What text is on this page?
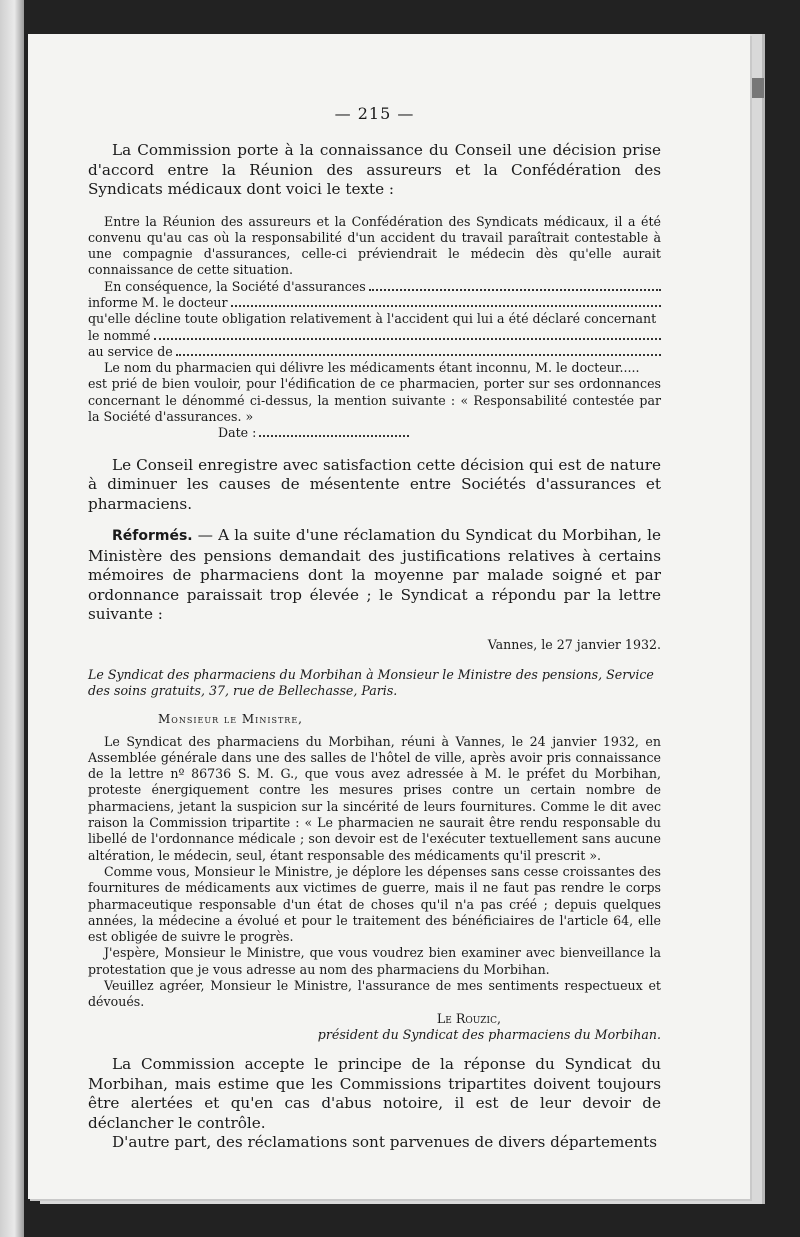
— 215 —

La Commission porte à la connaissance du Conseil une décision prise d'accord entre la Réunion des assureurs et la Confédération des Syndicats médicaux dont voici le texte :

Entre la Réunion des assureurs et la Confédération des Syndicats médicaux, il a été convenu qu'au cas où la responsabilité d'un accident du travail paraîtrait contestable à une compagnie d'assurances, celle-ci préviendrait le médecin dès qu'elle aurait connaissance de cette situation.

En conséquence, la Société d'assurances
informe M. le docteur

qu'elle décline toute obligation relativement à l'accident qui lui a été déclaré concernant

le nommé
au service de

Le nom du pharmacien qui délivre les médicaments étant inconnu, M. le docteur.....

est prié de bien vouloir, pour l'édification de ce pharmacien, porter sur ses ordonnances concernant le dénommé ci-dessus, la mention suivante : « Responsabilité contestée par la Société d'assurances. »

Date :

Le Conseil enregistre avec satisfaction cette décision qui est de nature à diminuer les causes de mésentente entre Sociétés d'assurances et pharmaciens.

Réformés. — A la suite d'une réclamation du Syndicat du Morbihan, le Ministère des pensions demandait des justifications relatives à certains mémoires de pharmaciens dont la moyenne par malade soigné et par ordonnance paraissait trop élevée ; le Syndicat a répondu par la lettre suivante :

Vannes, le 27 janvier 1932.

Le Syndicat des pharmaciens du Morbihan à Monsieur le Ministre des pensions, Service des soins gratuits, 37, rue de Bellechasse, Paris.

Monsieur le Ministre,

Le Syndicat des pharmaciens du Morbihan, réuni à Vannes, le 24 janvier 1932, en Assemblée générale dans une des salles de l'hôtel de ville, après avoir pris connaissance de la lettre nº 86736 S. M. G., que vous avez adressée à M. le préfet du Morbihan, proteste énergiquement contre les mesures prises contre un certain nombre de pharmaciens, jetant la suspicion sur la sincérité de leurs fournitures. Comme le dit avec raison la Commission tripartite : « Le pharmacien ne saurait être rendu responsable du libellé de l'ordonnance médicale ; son devoir est de l'exécuter textuellement sans aucune altération, le médecin, seul, étant responsable des médicaments qu'il prescrit ».

Comme vous, Monsieur le Ministre, je déplore les dépenses sans cesse croissantes des fournitures de médicaments aux victimes de guerre, mais il ne faut pas rendre le corps pharmaceutique responsable d'un état de choses qu'il n'a pas créé ; depuis quelques années, la médecine a évolué et pour le traitement des bénéficiaires de l'article 64, elle est obligée de suivre le progrès.

J'espère, Monsieur le Ministre, que vous voudrez bien examiner avec bienveillance la protestation que je vous adresse au nom des pharmaciens du Morbihan.

Veuillez agréer, Monsieur le Ministre, l'assurance de mes sentiments respectueux et dévoués.

Le Rouzic,

président du Syndicat des pharmaciens du Morbihan.

La Commission accepte le principe de la réponse du Syndicat du Morbihan, mais estime que les Commissions tripartites doivent toujours être alertées et qu'en cas d'abus notoire, il est de leur devoir de déclancher le contrôle.

D'autre part, des réclamations sont parvenues de divers départements
